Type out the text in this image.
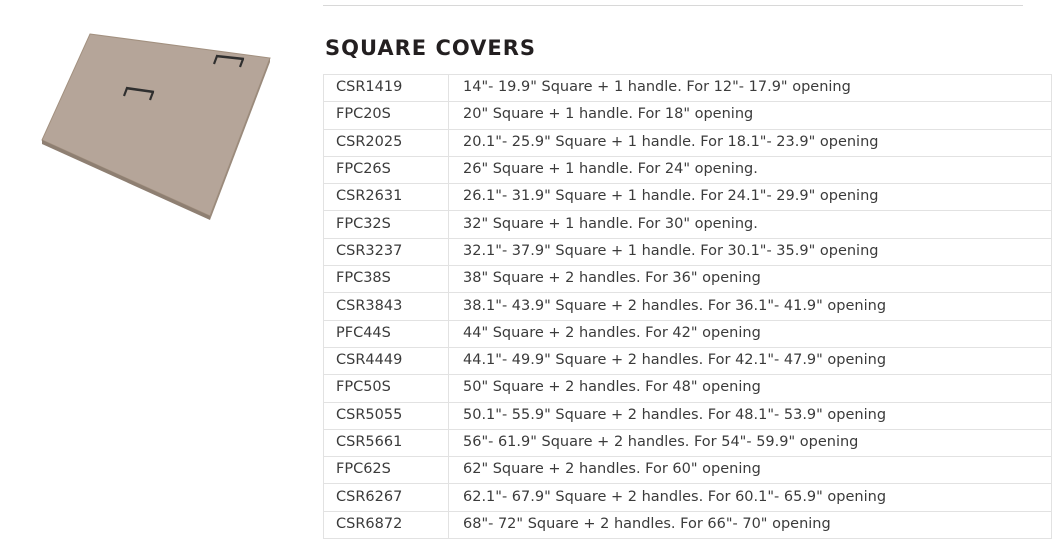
SQUARE COVERS
CSR1419	14"- 19.9" Square + 1 handle. For 12"- 17.9" opening
FPC20S	20" Square + 1 handle. For 18" opening
CSR2025	20.1"- 25.9" Square + 1 handle. For 18.1"- 23.9" opening
FPC26S	26" Square + 1 handle. For 24" opening.
CSR2631	26.1"- 31.9" Square + 1 handle. For 24.1"- 29.9" opening
FPC32S	32" Square + 1 handle. For 30" opening.
CSR3237	32.1"- 37.9" Square + 1 handle. For 30.1"- 35.9" opening
FPC38S	38" Square + 2 handles. For 36" opening
CSR3843	38.1"- 43.9" Square + 2 handles. For 36.1"- 41.9" opening
PFC44S	44" Square + 2 handles. For 42" opening
CSR4449	44.1"- 49.9" Square + 2 handles. For 42.1"- 47.9" opening
FPC50S	50" Square + 2 handles. For 48" opening
CSR5055	50.1"- 55.9" Square + 2 handles. For 48.1"- 53.9" opening
CSR5661	56"- 61.9" Square + 2 handles. For 54"- 59.9" opening
FPC62S	62" Square + 2 handles. For 60" opening
CSR6267	62.1"- 67.9" Square + 2 handles. For 60.1"- 65.9" opening
CSR6872	68"- 72" Square + 2 handles. For 66"- 70" opening
